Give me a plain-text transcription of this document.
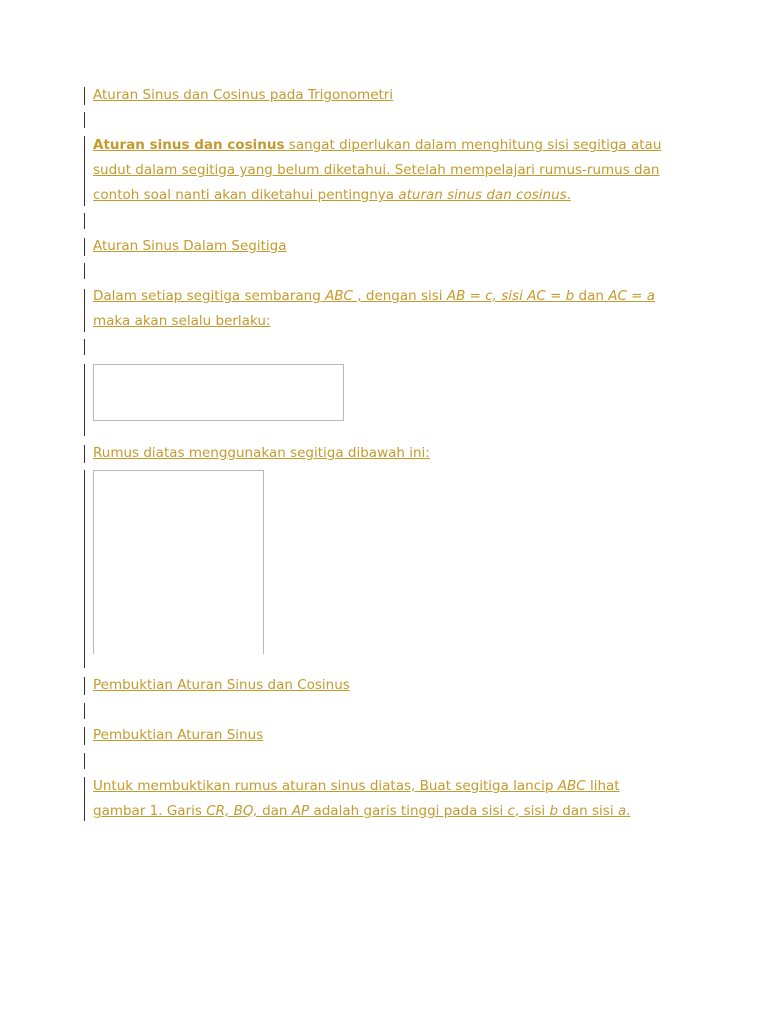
Aturan Sinus dan Cosinus pada Trigonometri
Aturan sinus dan cosinus sangat diperlukan dalam menghitung sisi segitiga atau
sudut dalam segitiga yang belum diketahui. Setelah mempelajari rumus-rumus dan
contoh soal nanti akan diketahui pentingnya aturan sinus dan cosinus.
Aturan Sinus Dalam Segitiga
Dalam setiap segitiga sembarang ABC , dengan sisi AB = c, sisi AC = b dan AC = a
maka akan selalu berlaku:
Rumus diatas menggunakan segitiga dibawah ini:
Pembuktian Aturan Sinus dan Cosinus
Pembuktian Aturan Sinus
Untuk membuktikan rumus aturan sinus diatas, Buat segitiga lancip ABC lihat
gambar 1. Garis CR, BQ, dan AP adalah garis tinggi pada sisi c, sisi b dan sisi a.
